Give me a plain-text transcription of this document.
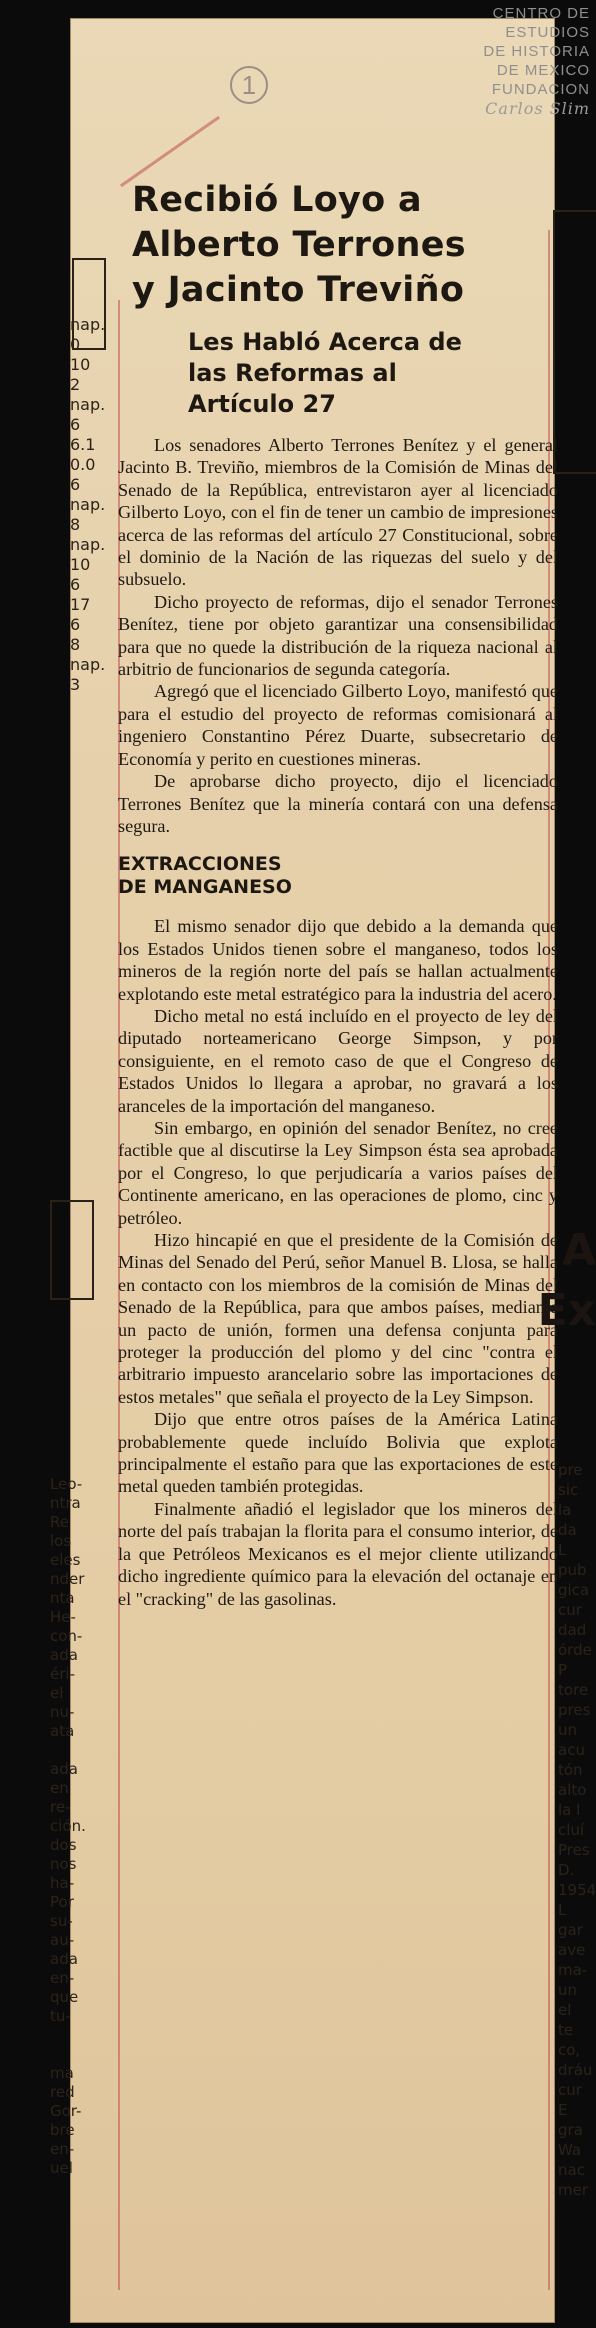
1
CENTRO DE
ESTUDIOS
DE HISTORIA
DE MEXICO
FUNDACION
Carlos Slim
nap.
0.
10
2
nap.
6
6.1
0.0
6
nap.
8
nap.
10
6
17
6
8
nap.
3
Leo-
ntra
Re
los
eles
nder
nta
He-
con-
ada
éri-
el
nu-
ata

ada
en
re-
ción.
dos
nos
ha-
Por
su-
au-
ada
en-
que
tu-

ma
red
Gor-
bre
en-
uel
pre
sic
la
da
L
pub
gica
cur
dad
órde
P
tore
pres
un
acu
tón
alto
la l
cluí
Pres
D.
1954
L
gar
ave
ma-
un
el
te
co,
dráu
cur
E
gra
Wa
nac
mer
A
Ex
Recibió Loyo a
Alberto Terrones
y Jacinto Treviño
Les Habló Acerca de
las Reformas al
Artículo 27

Los senadores Alberto Terrones Benítez y el general Jacinto B. Treviño, miembros de la Comisión de Minas del Senado de la República, entrevistaron ayer al licenciado Gilberto Loyo, con el fin de tener un cambio de impresiones acerca de las reformas del artículo 27 Constitucional, sobre el dominio de la Nación de las riquezas del suelo y del subsuelo.

Dicho proyecto de reformas, dijo el senador Terrones Benítez, tiene por objeto garantizar una consensibilidad para que no quede la distribución de la riqueza nacional al arbitrio de funcionarios de segunda categoría.

Agregó que el licenciado Gilberto Loyo, manifestó que para el estudio del proyecto de reformas comisionará al ingeniero Constantino Pérez Duarte, subsecretario de Economía y perito en cuestiones mineras.

De aprobarse dicho proyecto, dijo el licenciado Terrones Benítez que la minería contará con una defensa segura.

EXTRACCIONES
DE MANGANESO

El mismo senador dijo que debido a la demanda que los Estados Unidos tienen sobre el manganeso, todos los mineros de la región norte del país se hallan actualmente explotando este metal estratégico para la industria del acero.

Dicho metal no está incluído en el proyecto de ley del diputado norteamericano George Simpson, y por consiguiente, en el remoto caso de que el Congreso de Estados Unidos lo llegara a aprobar, no gravará a los aranceles de la importación del manganeso.

Sin embargo, en opinión del senador Benítez, no cree factible que al discutirse la Ley Simpson ésta sea aprobada por el Congreso, lo que perjudicaría a varios países del Continente americano, en las operaciones de plomo, cinc y petróleo.

Hizo hincapié en que el presidente de la Comisión de Minas del Senado del Perú, señor Manuel B. Llosa, se halla en contacto con los miembros de la comisión de Minas del Senado de la República, para que ambos países, mediante un pacto de unión, formen una defensa conjunta para proteger la producción del plomo y del cinc "contra el arbitrario impuesto arancelario sobre las importaciones de estos metales" que señala el proyecto de la Ley Simpson.

Dijo que entre otros países de la América Latina probablemente quede incluído Bolivia que explota principalmente el estaño para que las exportaciones de este metal queden también protegidas.

Finalmente añadió el legislador que los mineros del norte del país trabajan la florita para el consumo interior, de la que Petróleos Mexicanos es el mejor cliente utilizando dicho ingrediente químico para la elevación del octanaje en el "cracking" de las gasolinas.
